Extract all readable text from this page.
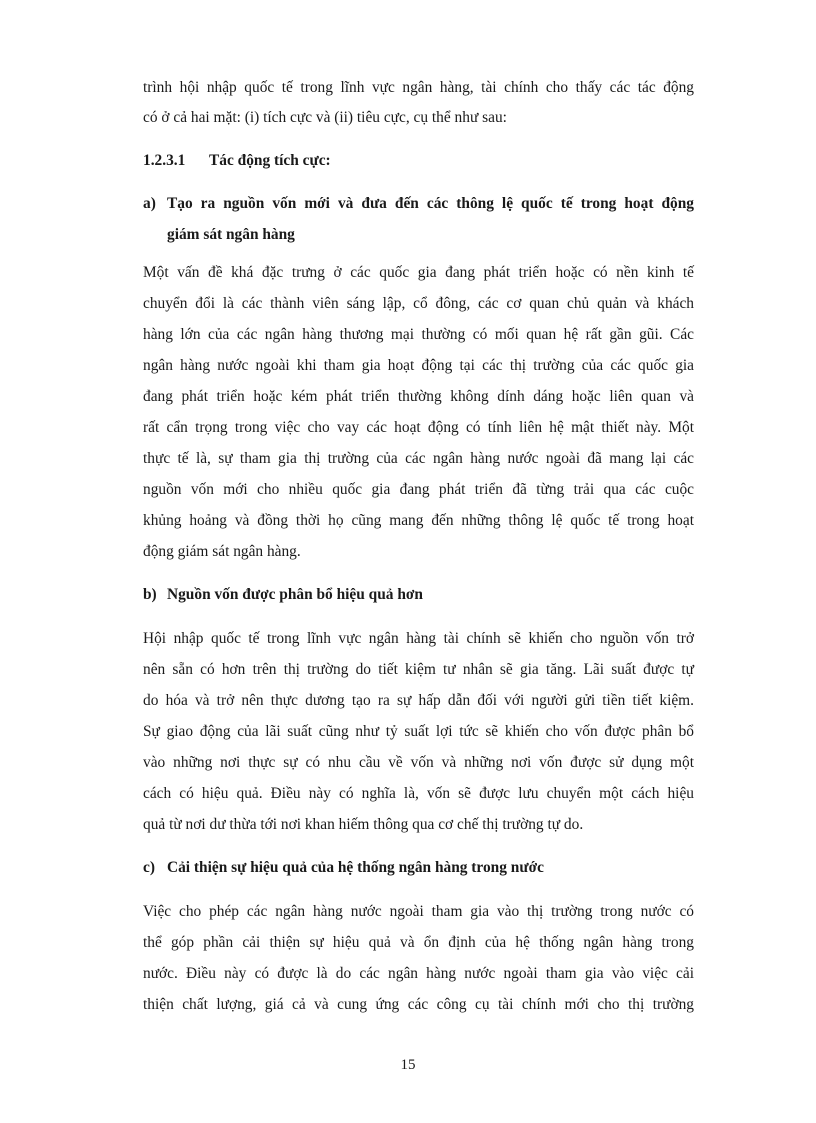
trình hội nhập quốc tế trong lĩnh vực ngân hàng, tài chính cho thấy các tác động
có ở cả hai mặt: (i) tích cực và (ii) tiêu cực, cụ thể như sau:
1.2.3.1 Tác động tích cực:
a) Tạo ra nguồn vốn mới và đưa đến các thông lệ quốc tế trong hoạt động
giám sát ngân hàng
Một vấn đề khá đặc trưng ở các quốc gia đang phát triển hoặc có nền kinh tế
chuyển đổi là các thành viên sáng lập, cổ đông, các cơ quan chủ quản và khách
hàng lớn của các ngân hàng thương mại thường có mối quan hệ rất gần gũi. Các
ngân hàng nước ngoài khi tham gia hoạt động tại các thị trường của các quốc gia
đang phát triển hoặc kém phát triển thường không dính dáng hoặc liên quan và
rất cẩn trọng trong việc cho vay các hoạt động có tính liên hệ mật thiết này. Một
thực tế là, sự tham gia thị trường của các ngân hàng nước ngoài đã mang lại các
nguồn vốn mới cho nhiều quốc gia đang phát triển đã từng trải qua các cuộc
khủng hoảng và đồng thời họ cũng mang đến những thông lệ quốc tế trong hoạt
động giám sát ngân hàng.
b) Nguồn vốn được phân bổ hiệu quả hơn
Hội nhập quốc tế trong lĩnh vực ngân hàng tài chính sẽ khiến cho nguồn vốn trở
nên sẵn có hơn trên thị trường do tiết kiệm tư nhân sẽ gia tăng. Lãi suất được tự
do hóa và trở nên thực dương tạo ra sự hấp dẫn đối với người gửi tiền tiết kiệm.
Sự giao động của lãi suất cũng như tỷ suất lợi tức sẽ khiến cho vốn được phân bổ
vào những nơi thực sự có nhu cầu về vốn và những nơi vốn được sử dụng một
cách có hiệu quả. Điều này có nghĩa là, vốn sẽ được lưu chuyển một cách hiệu
quả từ nơi dư thừa tới nơi khan hiếm thông qua cơ chế thị trường tự do.
c) Cải thiện sự hiệu quả của hệ thống ngân hàng trong nước
Việc cho phép các ngân hàng nước ngoài tham gia vào thị trường trong nước có
thể góp phần cải thiện sự hiệu quả và ổn định của hệ thống ngân hàng trong
nước. Điều này có được là do các ngân hàng nước ngoài tham gia vào việc cải
thiện chất lượng, giá cả và cung ứng các công cụ tài chính mới cho thị trường
15
